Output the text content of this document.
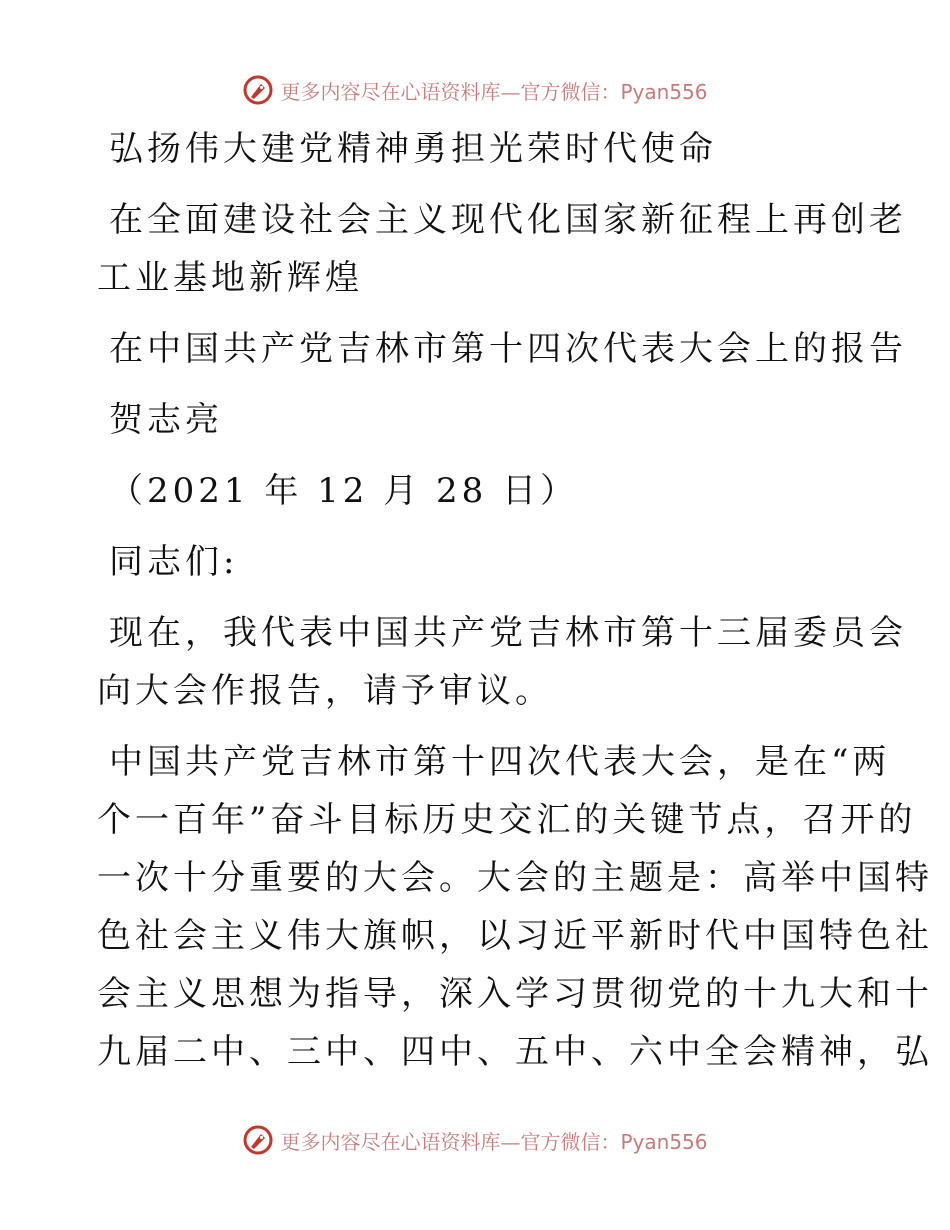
更多内容尽在心语资料库—官方微信：Pyan556

弘扬伟大建党精神勇担光荣时代使命

在全面建设社会主义现代化国家新征程上再创老
工业基地新辉煌

在中国共产党吉林市第十四次代表大会上的报告

贺志亮

（2021 年 12 月 28 日）

同志们:

现在，我代表中国共产党吉林市第十三届委员会
向大会作报告，请予审议。

中国共产党吉林市第十四次代表大会，是在“两
个一百年”奋斗目标历史交汇的关键节点，召开的
一次十分重要的大会。大会的主题是：高举中国特
色社会主义伟大旗帜，以习近平新时代中国特色社
会主义思想为指导，深入学习贯彻党的十九大和十
九届二中、三中、四中、五中、六中全会精神，弘

更多内容尽在心语资料库—官方微信：Pyan556
